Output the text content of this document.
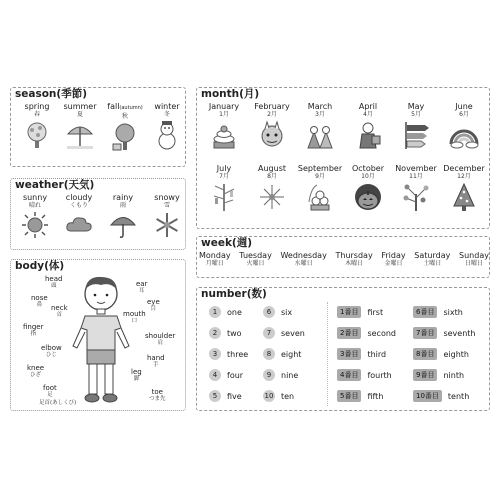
season(季節)
spring
春
summer
夏
fall(autumn)
秋
winter
冬
weather(天気)
sunny
晴れ
cloudy
くもり
rainy
雨
snowy
雪
body(体)
head
頭	ear
耳
nose
鼻	neck
首
eye
目
mouth
口
finger
指	shoulder
肩
elbow
ひじ	hand
手
knee
ひざ	leg
脚
foot
足	toe
つま先
足首(あしくび)
month(月)
January
1月
February
2月
March
3月
April
4月
May
5月
June
6月
July
7月
August
8月
September
9月
October
10月
November
11月
December
12月
week(週)
Monday
月曜日
Tuesday
火曜日
Wednesday
水曜日
Thursday
木曜日
Friday
金曜日
Saturday
土曜日
Sunday
日曜日
number(数)
1	one	6	six
2	two	7	seven
3	three	8	eight
4	four	9	nine
5	five	10 ten
1番目	first	6番目	sixth
2番目	second	7番目	seventh
3番目	third	8番目	eighth
4番目	fourth	9番目	ninth
5番目	fifth	10番目	tenth
